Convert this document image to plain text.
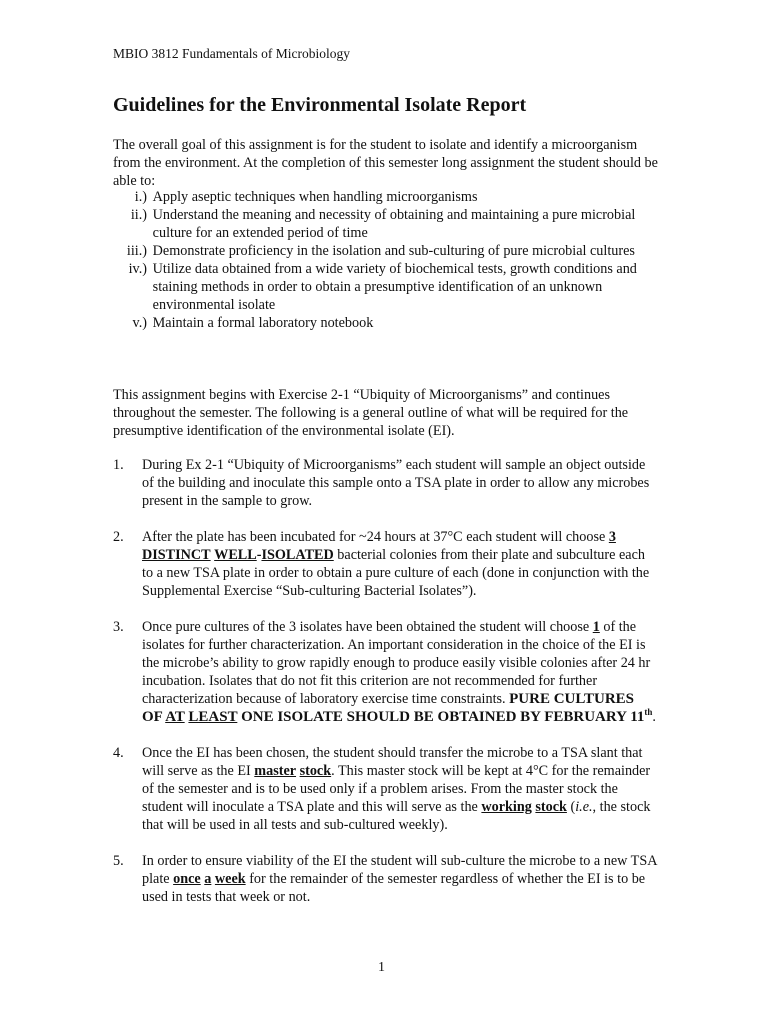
MBIO 3812 Fundamentals of Microbiology
Guidelines for the Environmental Isolate Report
The overall goal of this assignment is for the student to isolate and identify a microorganism from the environment. At the completion of this semester long assignment the student should be able to:
i.) Apply aseptic techniques when handling microorganisms
ii.) Understand the meaning and necessity of obtaining and maintaining a pure microbial culture for an extended period of time
iii.) Demonstrate proficiency in the isolation and sub-culturing of pure microbial cultures
iv.) Utilize data obtained from a wide variety of biochemical tests, growth conditions and staining methods in order to obtain a presumptive identification of an unknown environmental isolate
v.) Maintain a formal laboratory notebook
This assignment begins with Exercise 2-1 “Ubiquity of Microorganisms” and continues throughout the semester. The following is a general outline of what will be required for the presumptive identification of the environmental isolate (EI).
1.	During Ex 2-1 “Ubiquity of Microorganisms” each student will sample an object outside of the building and inoculate this sample onto a TSA plate in order to allow any microbes present in the sample to grow.
2.	After the plate has been incubated for ~24 hours at 37°C each student will choose 3 DISTINCT WELL-ISOLATED bacterial colonies from their plate and subculture each to a new TSA plate in order to obtain a pure culture of each (done in conjunction with the Supplemental Exercise “Sub-culturing Bacterial Isolates”).
3.	Once pure cultures of the 3 isolates have been obtained the student will choose 1 of the isolates for further characterization. An important consideration in the choice of the EI is the microbe’s ability to grow rapidly enough to produce easily visible colonies after 24 hr incubation. Isolates that do not fit this criterion are not recommended for further characterization because of laboratory exercise time constraints. PURE CULTURES OF AT LEAST ONE ISOLATE SHOULD BE OBTAINED BY FEBRUARY 11th.
4.	Once the EI has been chosen, the student should transfer the microbe to a TSA slant that will serve as the EI master stock. This master stock will be kept at 4°C for the remainder of the semester and is to be used only if a problem arises. From the master stock the student will inoculate a TSA plate and this will serve as the working stock (i.e., the stock that will be used in all tests and sub-cultured weekly).
5.	In order to ensure viability of the EI the student will sub-culture the microbe to a new TSA plate once a week for the remainder of the semester regardless of whether the EI is to be used in tests that week or not.
1
